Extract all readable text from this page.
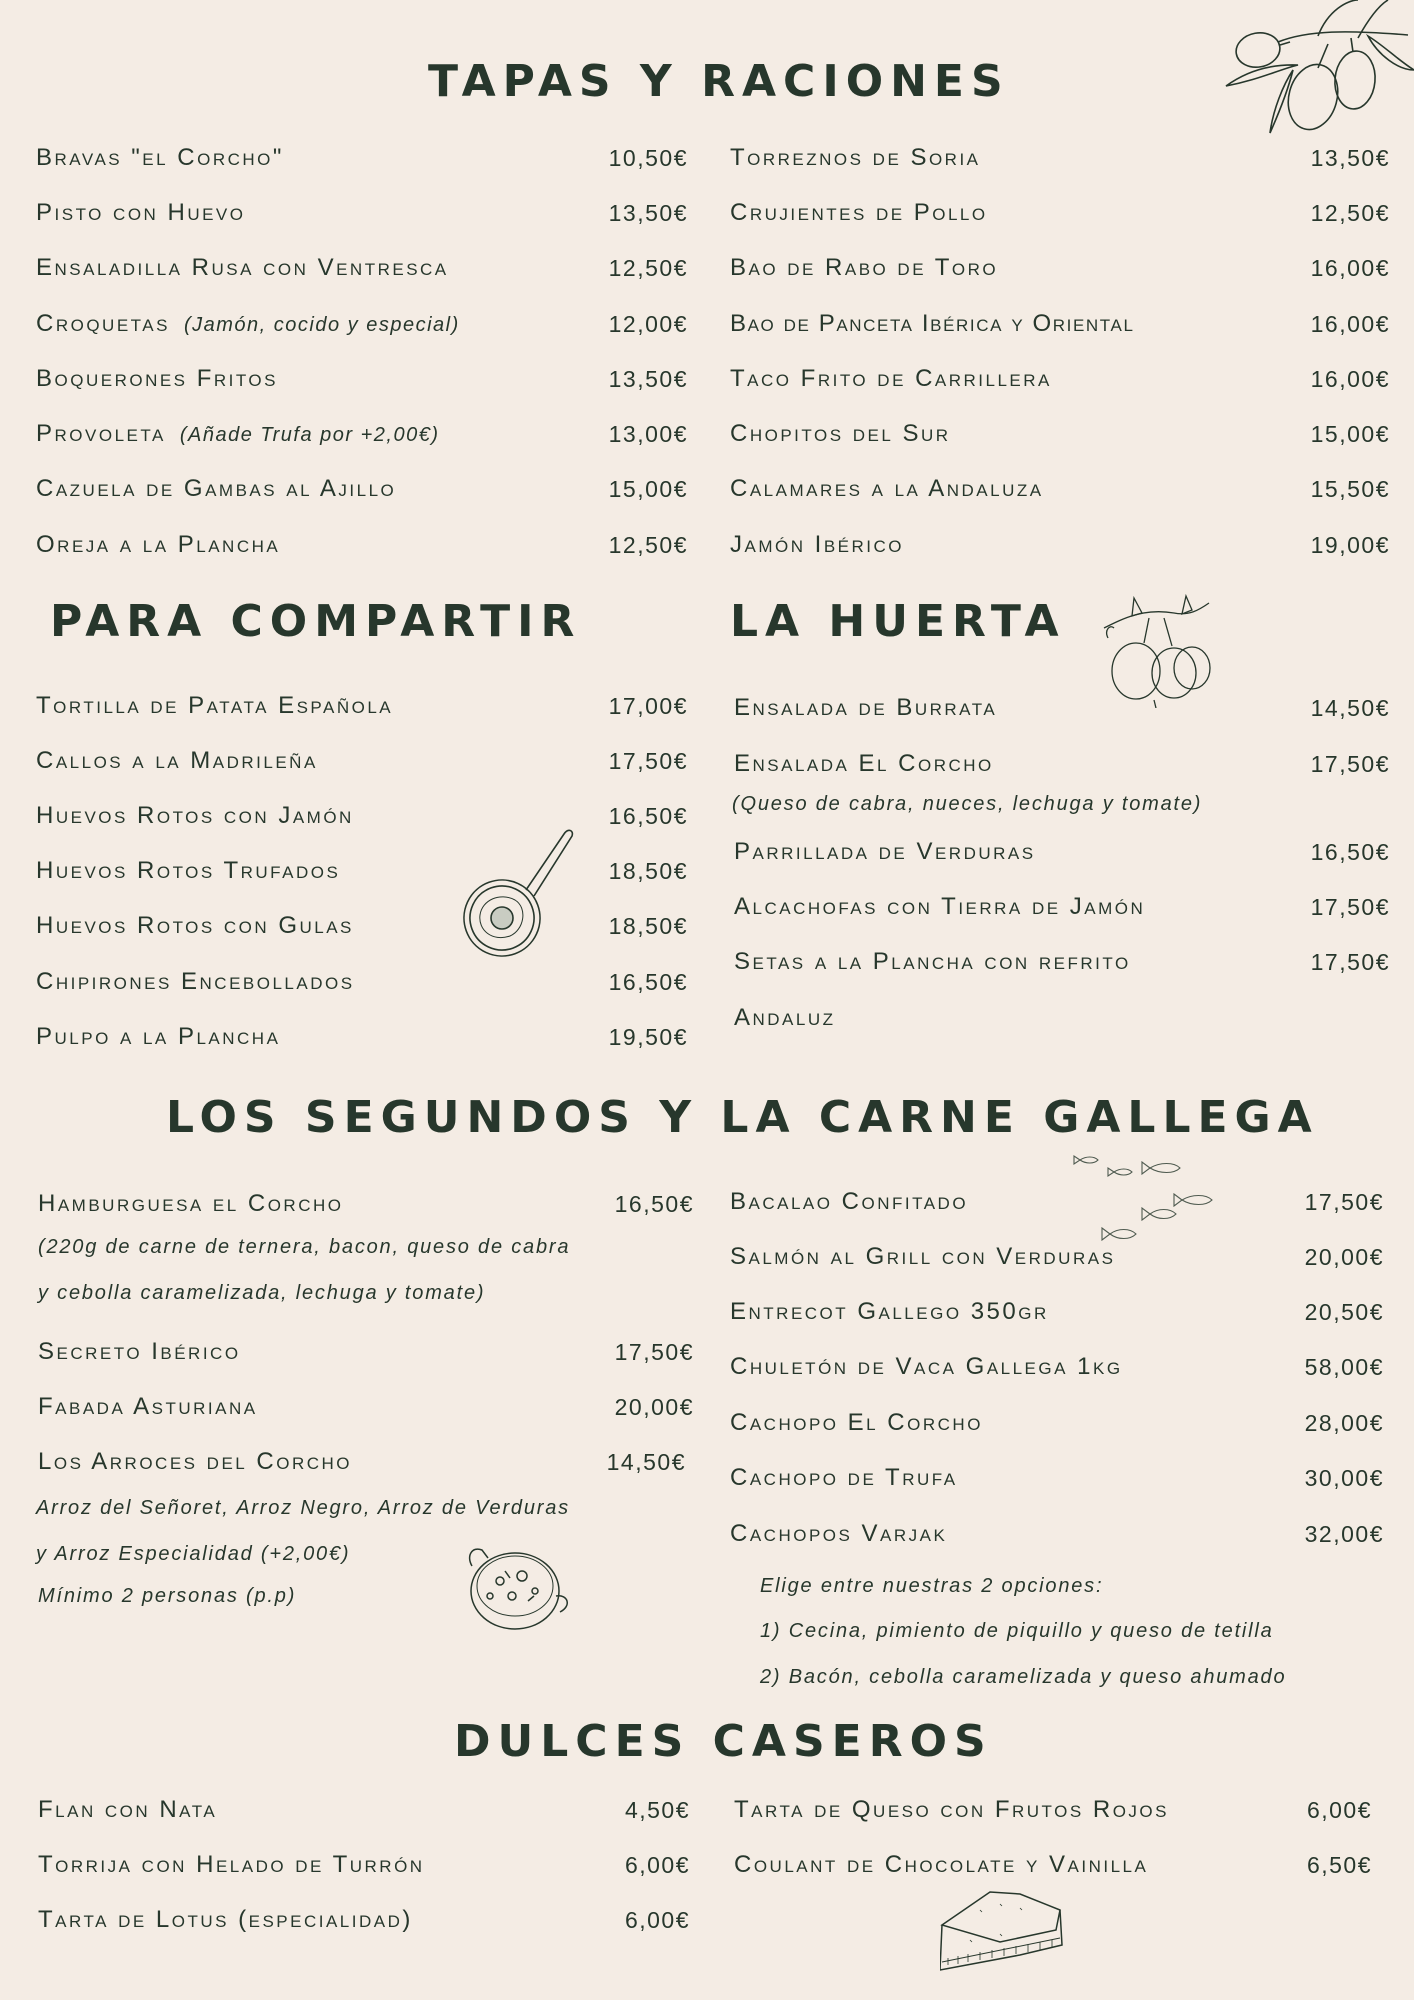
TAPAS Y RACIONES
Bravas "el Corcho"	10,50€
Pisto con Huevo	13,50€
Ensaladilla Rusa con Ventresca	12,50€
Croquetas (Jamón, cocido y especial)	12,00€
Boquerones Fritos	13,50€
Provoleta (Añade Trufa por +2,00€)	13,00€
Cazuela de Gambas al Ajillo	15,00€
Oreja a la Plancha	12,50€
Torreznos de Soria	13,50€
Crujientes de Pollo	12,50€
Bao de Rabo de Toro	16,00€
Bao de Panceta Ibérica y Oriental	16,00€
Taco Frito de Carrillera	16,00€
Chopitos del Sur	15,00€
Calamares a la Andaluza	15,50€
Jamón Ibérico	19,00€
PARA COMPARTIR
Tortilla de Patata Española	17,00€
Callos a la Madrileña	17,50€
Huevos Rotos con Jamón	16,50€
Huevos Rotos Trufados	18,50€
Huevos Rotos con Gulas	18,50€
Chipirones Encebollados	16,50€
Pulpo a la Plancha	19,50€
LA HUERTA
Ensalada de Burrata	14,50€
Ensalada El Corcho	17,50€
(Queso de cabra, nueces, lechuga y tomate)
Parrillada de Verduras	16,50€
Alcachofas con Tierra de Jamón	17,50€
Setas a la Plancha con refrito	17,50€
Andaluz
LOS SEGUNDOS Y LA CARNE GALLEGA
Hamburguesa el Corcho	16,50€
(220g de carne de ternera, bacon, queso de cabra
y cebolla caramelizada, lechuga y tomate)
Secreto Ibérico	17,50€
Fabada Asturiana	20,00€
Los Arroces del Corcho	14,50€
Arroz del Señoret, Arroz Negro, Arroz de Verduras
y Arroz Especialidad (+2,00€)
Mínimo 2 personas (p.p)
Bacalao Confitado	17,50€
Salmón al Grill con Verduras	20,00€
Entrecot Gallego 350gr	20,50€
Chuletón de Vaca Gallega 1kg	58,00€
Cachopo El Corcho	28,00€
Cachopo de Trufa	30,00€
Cachopos Varjak	32,00€
Elige entre nuestras 2 opciones:
1) Cecina, pimiento de piquillo y queso de tetilla
2) Bacón, cebolla caramelizada y queso ahumado
DULCES CASEROS
Flan con Nata	4,50€
Torrija con Helado de Turrón	6,00€
Tarta de Lotus (especialidad)	6,00€
Tarta de Queso con Frutos Rojos	6,00€
Coulant de Chocolate y Vainilla	6,50€
